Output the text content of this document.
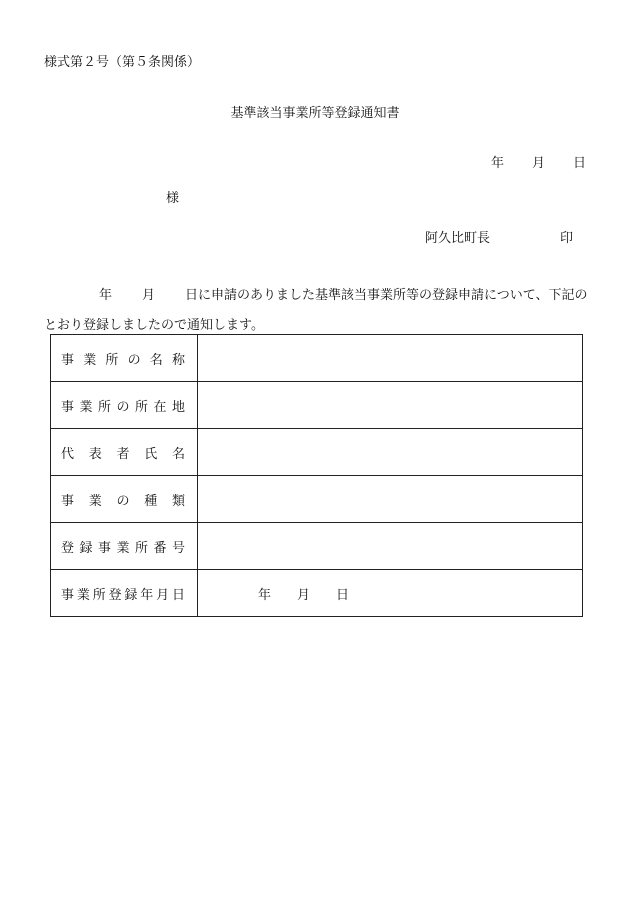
様式第２号（第５条関係）
基準該当事業所等登録通知書
年 月 日
様
阿久比町長	印
年 月 日に申請のありました基準該当事業所等の登録申請について、下記のとおり登録しましたので通知します。
事業所の名称	

事業所の所在地	

代表者氏名	

事業の種類	

登録事業所番号	

事業所登録年月日	年 月 日
